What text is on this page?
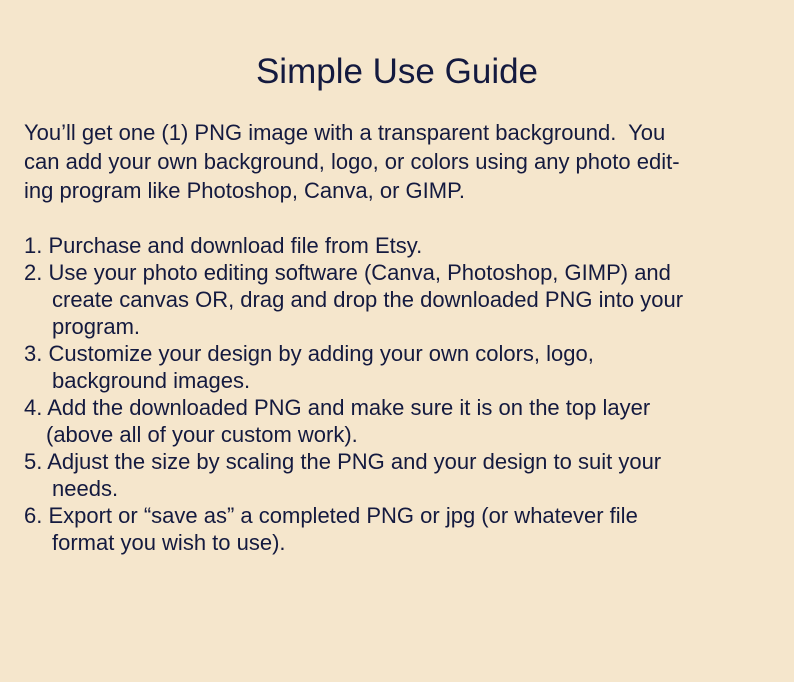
Simple Use Guide
You’ll get one (1) PNG image with a transparent background.  You
can add your own background, logo, or colors using any photo edit-
ing program like Photoshop, Canva, or GIMP.
1. Purchase and download file from Etsy.
2. Use your photo editing software (Canva, Photoshop, GIMP) and
create canvas OR, drag and drop the downloaded PNG into your
program.
3. Customize your design by adding your own colors, logo,
background images.
4. Add the downloaded PNG and make sure it is on the top layer
(above all of your custom work).
5. Adjust the size by scaling the PNG and your design to suit your
needs.
6. Export or “save as” a completed PNG or jpg (or whatever file
format you wish to use).
